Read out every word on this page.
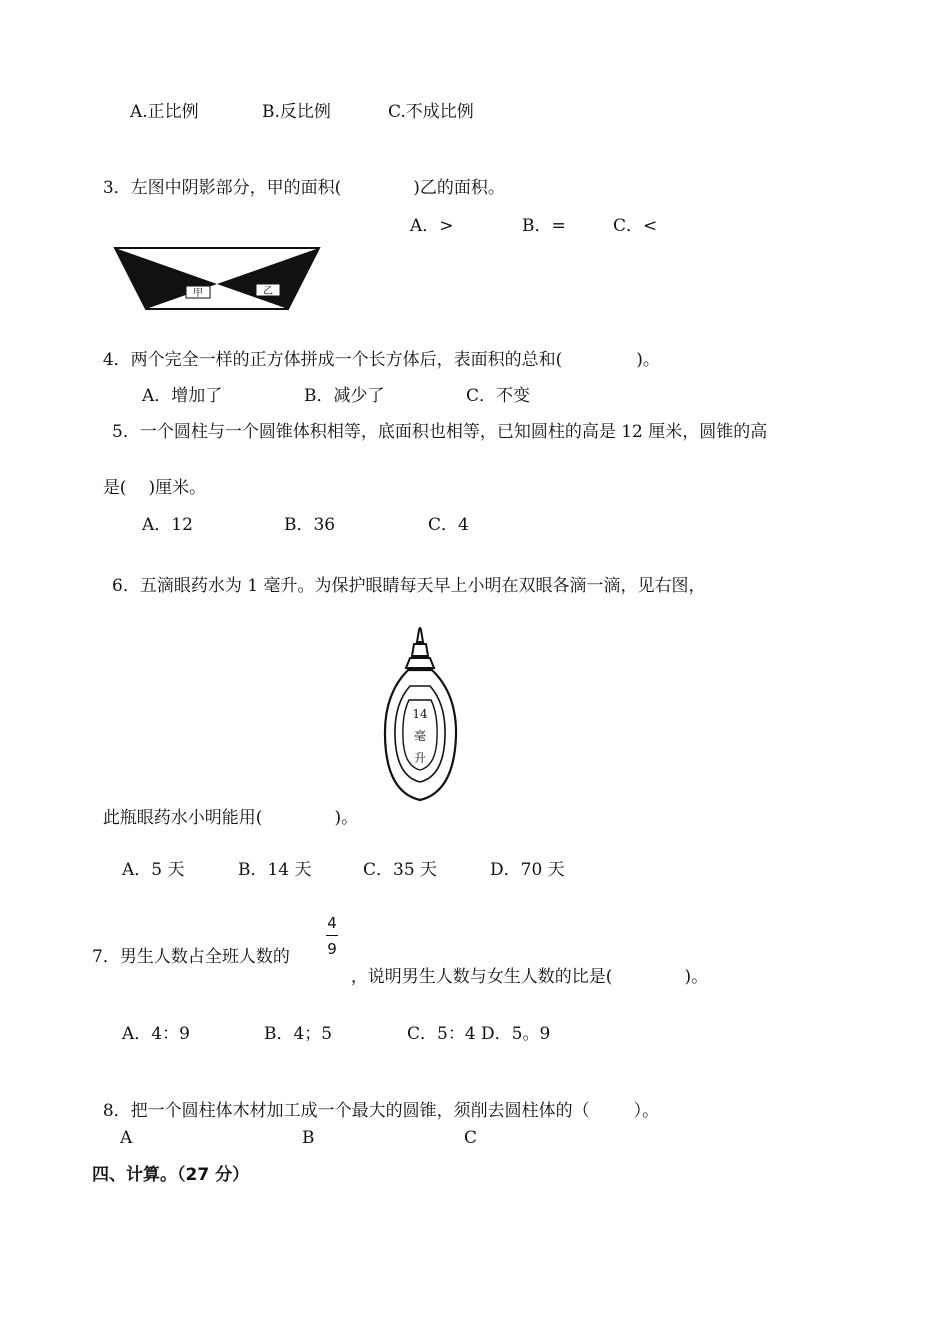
A.正比例	B.反比例	C.不成比例

3．左图中阴影部分，甲的面积(	)乙的面积。

A．>	B．=	C．<
甲	乙

4．两个完全一样的正方体拼成一个长方体后，表面积的总和(	)。

A．增加了	B．减少了	C．不变
5．一个圆柱与一个圆锥体积相等，底面积也相等，已知圆柱的高是 12 厘米，圆锥的高

是( )厘米。

A．12	B．36	C．4
6．五滴眼药水为 1 毫升。为保护眼睛每天早上小明在双眼各滴一滴，见右图，
14
毫
升

此瓶眼药水小明能用(	)。

A．5 天	B．14 天	C．35 天	D．70 天
7．男生人数占全班人数的
4
9

，说明男生人数与女生人数的比是(	)。

A．4：9	B．4；5	C．5：4 D．5。9

8．把一个圆柱体木材加工成一个最大的圆锥，须削去圆柱体的（	）。

A	B	C
四、计算。（27 分）
